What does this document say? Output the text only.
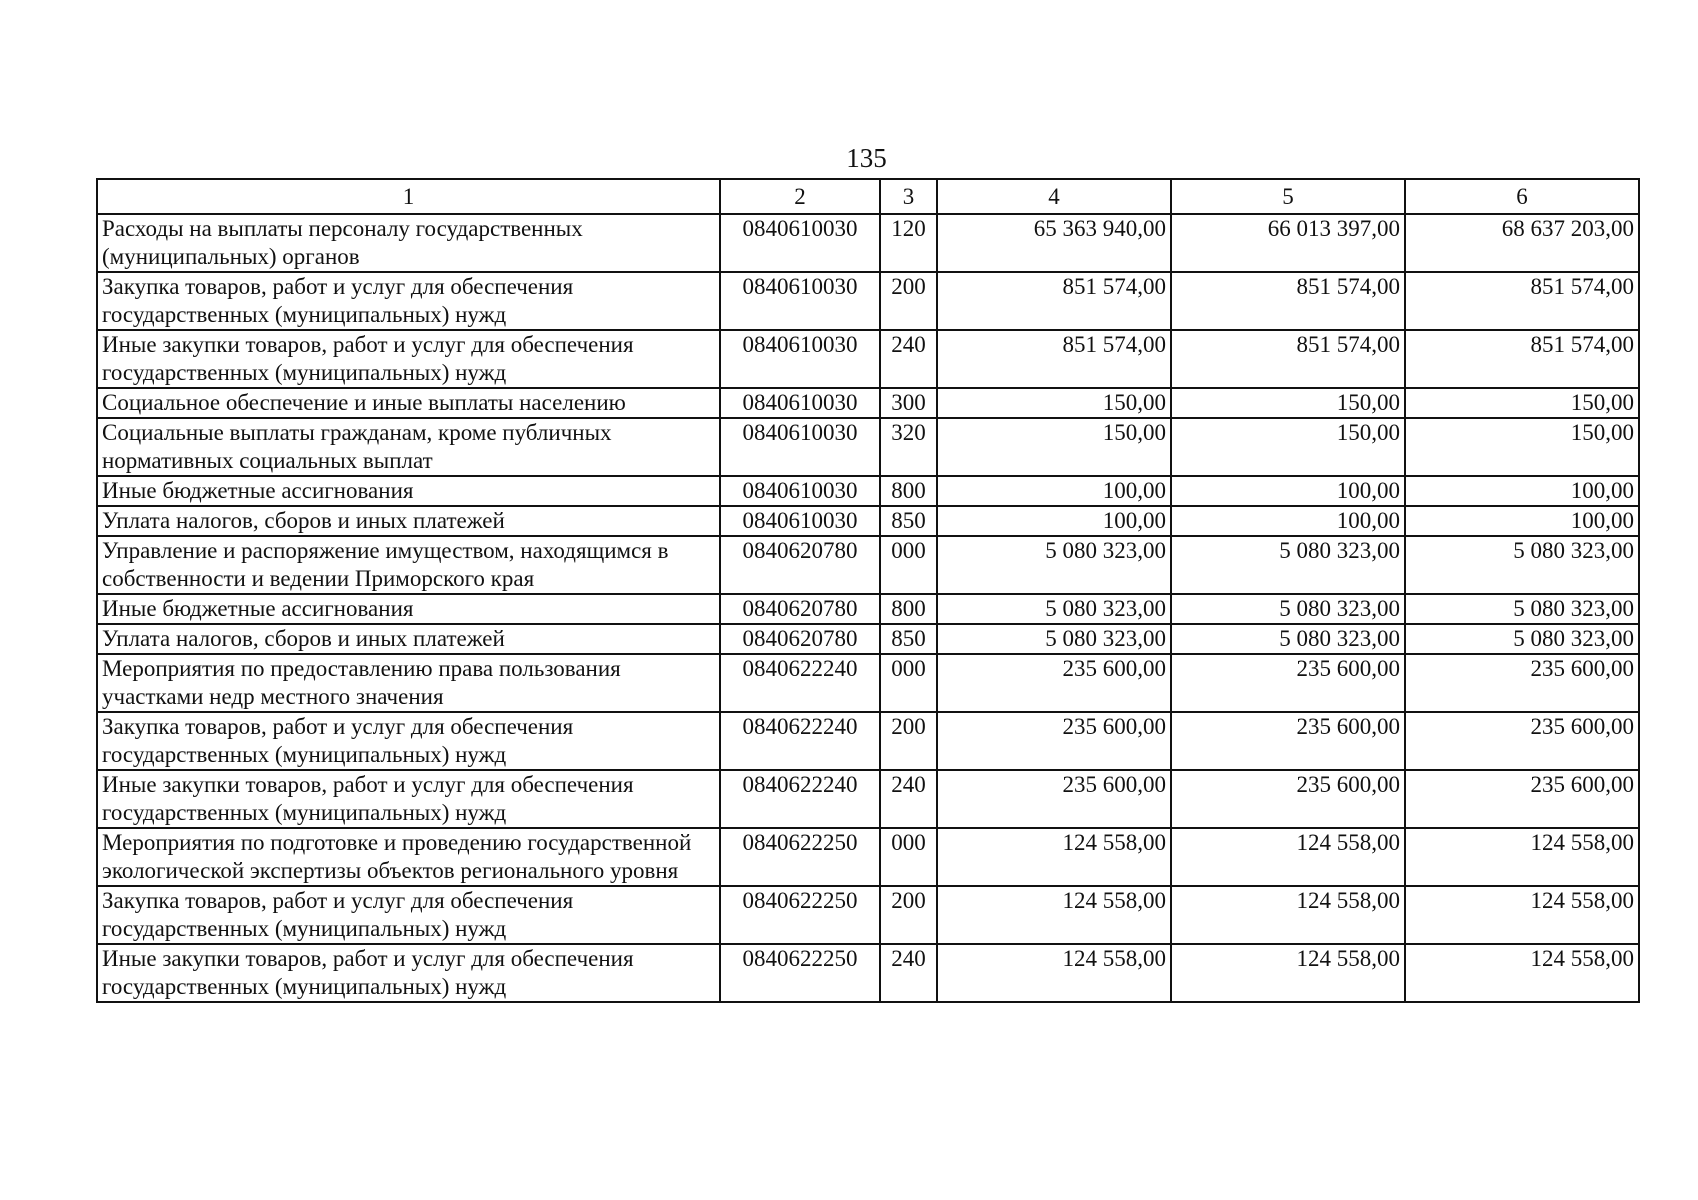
135
1	2	3	4	5	6
Расходы на выплаты персоналу государственных (муниципальных) органов	0840610030	120	65 363 940,00	66 013 397,00	68 637 203,00
Закупка товаров, работ и услуг для обеспечения государственных (муниципальных) нужд	0840610030	200	851 574,00	851 574,00	851 574,00
Иные закупки товаров, работ и услуг для обеспечения государственных (муниципальных) нужд	0840610030	240	851 574,00	851 574,00	851 574,00
Социальное обеспечение и иные выплаты населению	0840610030	300	150,00	150,00	150,00
Социальные выплаты гражданам, кроме публичных нормативных социальных выплат	0840610030	320	150,00	150,00	150,00
Иные бюджетные ассигнования	0840610030	800	100,00	100,00	100,00
Уплата налогов, сборов и иных платежей	0840610030	850	100,00	100,00	100,00
Управление и распоряжение имуществом, находящимся в собственности и ведении Приморского края	0840620780	000	5 080 323,00	5 080 323,00	5 080 323,00
Иные бюджетные ассигнования	0840620780	800	5 080 323,00	5 080 323,00	5 080 323,00
Уплата налогов, сборов и иных платежей	0840620780	850	5 080 323,00	5 080 323,00	5 080 323,00
Мероприятия по предоставлению права пользования участками недр местного значения	0840622240	000	235 600,00	235 600,00	235 600,00
Закупка товаров, работ и услуг для обеспечения государственных (муниципальных) нужд	0840622240	200	235 600,00	235 600,00	235 600,00
Иные закупки товаров, работ и услуг для обеспечения государственных (муниципальных) нужд	0840622240	240	235 600,00	235 600,00	235 600,00
Мероприятия по подготовке и проведению государственной экологической экспертизы объектов регионального уровня	0840622250	000	124 558,00	124 558,00	124 558,00
Закупка товаров, работ и услуг для обеспечения государственных (муниципальных) нужд	0840622250	200	124 558,00	124 558,00	124 558,00
Иные закупки товаров, работ и услуг для обеспечения государственных (муниципальных) нужд	0840622250	240	124 558,00	124 558,00	124 558,00
